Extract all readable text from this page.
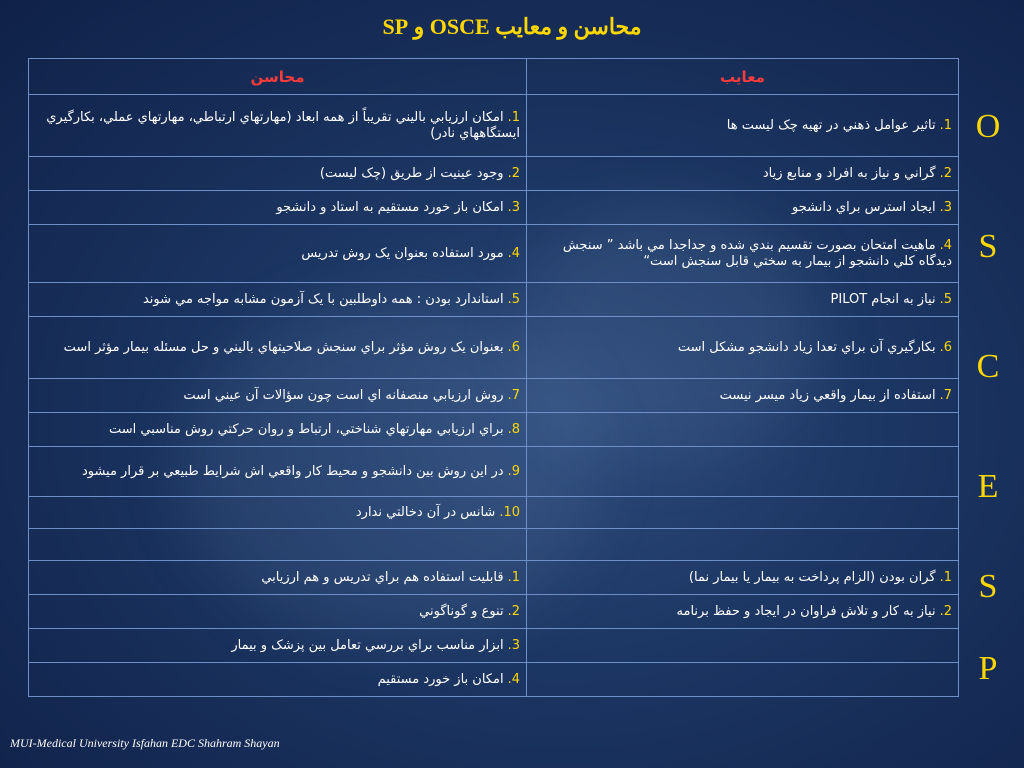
محاسن و معايب OSCE و SP
محاسن	معايب
1.امکان ارزيابي باليني تقريباً از همه ابعاد (مهارتهاي ارتباطي، مهارتهاي عملي، بکارگيري ايستگاههاي نادر)	1.تاثير عوامل ذهني در تهيه چک ليست ها
2.وجود عينيت از طريق (چک ليست)	2.گراني و نياز به افراد و منابع زياد
3.امکان باز خورد مستقيم به استاد و دانشجو	3.ايجاد استرس براي دانشجو
4.مورد استفاده بعنوان يک روش تدريس	4.ماهيت امتحان بصورت تقسيم بندي شده و جداجدا مي باشد ” سنجش ديدگاه کلي دانشجو از بيمار به سختي قابل سنجش است“
5.استاندارد بودن : همه داوطلبين با يک آزمون مشابه مواجه مي شوند	5.نياز به انجام PILOT
6.بعنوان يک روش مؤثر براي سنجش صلاحيتهاي باليني و حل مسئله بيمار مؤثر است	6.بکارگيري آن براي تعدا زياد دانشجو مشکل است
7.روش ارزيابي منصفانه اي است چون سؤالات آن عيني است	7.استفاده از بيمار واقعي زياد ميسر نيست
8.براي ارزيابي مهارتهاي شناختي، ارتباط و روان حرکتي روش مناسبي است	
9.در اين روش بين دانشجو و محيط کار واقعي اش شرايط طبيعي بر قرار ميشود	
10.شانس در آن دخالتي ندارد	

1.قابليت استفاده هم براي تدريس و هم ارزيابي	1.گران بودن (الزام پرداخت به بيمار يا بيمار نما)
2.تنوع و گوناگوني	2.نياز به کار و تلاش فراوان در ايجاد و حفظ برنامه
3.ابزار مناسب براي بررسي تعامل بين پزشک و بيمار	
4.امکان باز خورد مستقيم	
O
S
C
E
S
P
MUI-Medical University Isfahan EDC Shahram Shayan
